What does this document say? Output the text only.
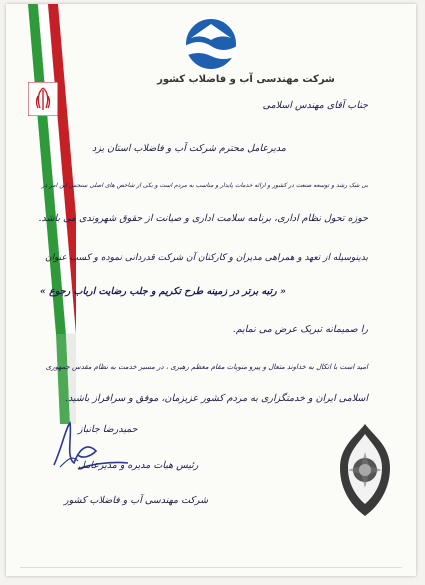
شرکت مهندسی آب و فاضلاب کشور
جناب آقای مهندس اسلامی
مدیرعامل محترم شرکت آب و فاضلاب استان یزد
بی شک رشد و توسعه صنعت در کشور و ارائه خدمات پایدار و مناسب به مردم است و یکی از شاخص های اصلی سنجش این امر در
حوزه تحول نظام اداری، برنامه سلامت اداری و صیانت از حقوق شهروندی می باشد.
بدینوسیله از تعهد و همراهی مدیران و کارکنان آن شرکت قدردانی نموده و کسب عنوان
« رتبه برتر در زمینه طرح تکریم و جلب رضایت ارباب رجوع »
را صمیمانه تبریک عرض می نمایم.
امید است با اتکال به خداوند متعال و پیرو منویات مقام معظم رهبری ، در مسیر خدمت به نظام مقدس جمهوری
اسلامی ایران و خدمتگزاری به مردم کشور عزیزمان، موفق و سرافراز باشید.
حمیدرضا جانباز
رئیس هیات مدیره و مدیرعامل
شرکت مهندسی آب و فاضلاب کشور
